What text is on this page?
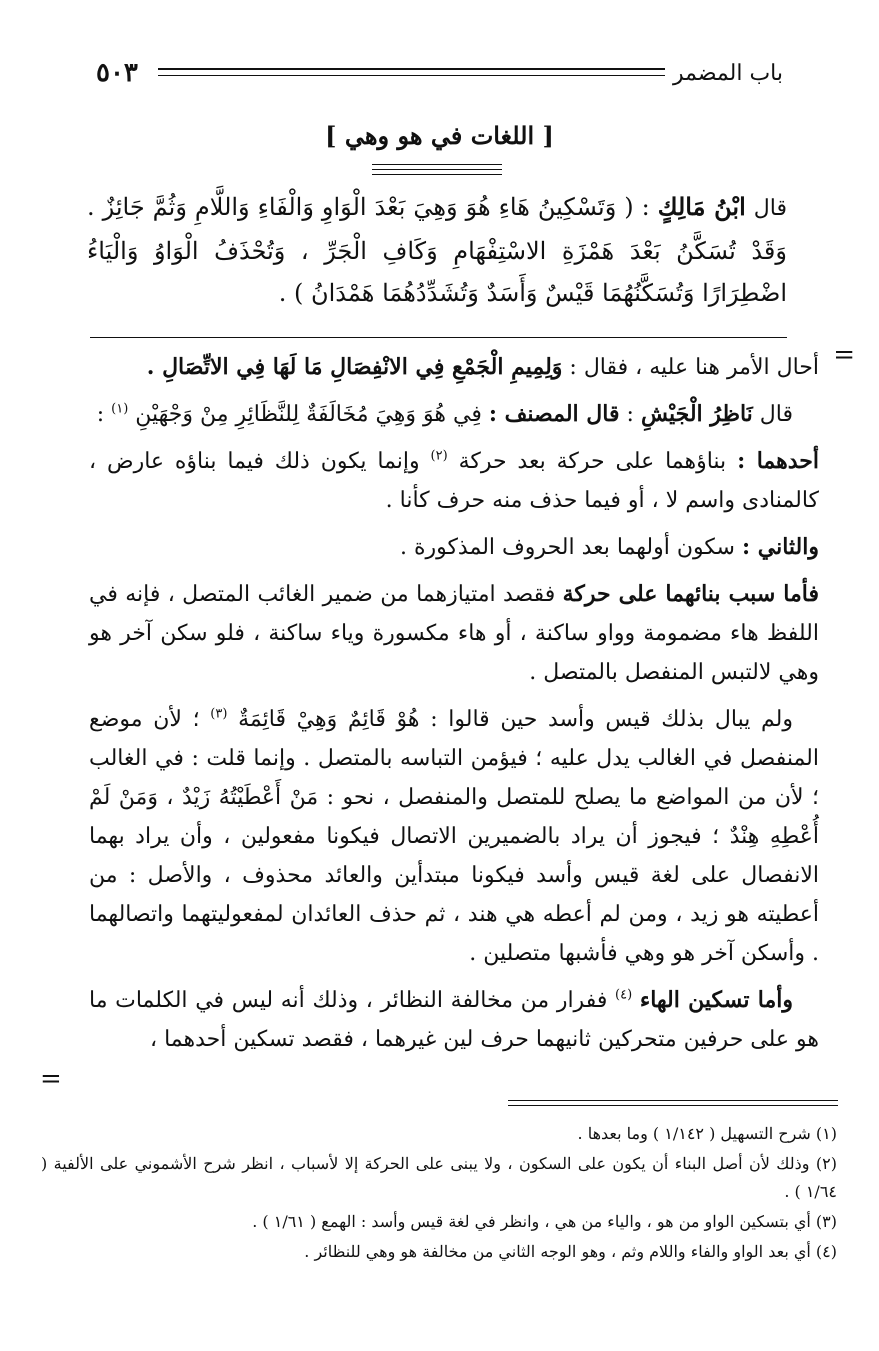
باب المضمر
٥٠٣
[ اللغات في هو وهي ]
قال ابْنُ مَالِكٍ : ( وَتَسْكِينُ هَاءِ هُوَ وَهِيَ بَعْدَ الْوَاوِ وَالْفَاءِ وَاللَّامِ وَثُمَّ جَائِزٌ . وَقَدْ تُسَكَّنُ بَعْدَ هَمْزَةِ الاسْتِفْهَامِ وَكَافِ الْجَرِّ ، وَتُحْذَفُ الْوَاوُ وَالْيَاءُ اضْطِرَارًا وَتُسَكَّنُهُمَا قَيْسٌ وَأَسَدٌ وَتُشَدِّدُهُمَا هَمْدَانُ ) .
=

أحال الأمر هنا عليه ، فقال : وَلِمِيمِ الْجَمْعِ فِي الانْفِصَالِ مَا لَهَا فِي الاتِّصَالِ .

قال نَاظِرُ الْجَيْشِ : قال المصنف : فِي هُوَ وَهِيَ مُخَالَفَةٌ لِلنَّظَائِرِ مِنْ وَجْهَيْنِ $^{(١)}$ :

أحدهما : بناؤهما على حركة بعد حركة $^{(٢)}$ وإنما يكون ذلك فيما بناؤه عارض ، كالمنادى واسم لا ، أو فيما حذف منه حرف كأنا .

والثاني : سكون أولهما بعد الحروف المذكورة .

فأما سبب بنائهما على حركة فقصد امتيازهما من ضمير الغائب المتصل ، فإنه في اللفظ هاء مضمومة وواو ساكنة ، أو هاء مكسورة وياء ساكنة ، فلو سكن آخر هو وهي لالتبس المنفصل بالمتصل .

ولم يبال بذلك قيس وأسد حين قالوا : هُوْ قَائِمٌ وَهِيْ قَائِمَةٌ $^{(٣)}$ ؛ لأن موضع المنفصل في الغالب يدل عليه ؛ فيؤمن التباسه بالمتصل . وإنما قلت : في الغالب ؛ لأن من المواضع ما يصلح للمتصل والمنفصل ، نحو : مَنْ أَعْطَيْتُهُ زَيْدٌ ، وَمَنْ لَمْ أُعْطِهِ هِنْدٌ ؛ فيجوز أن يراد بالضميرين الاتصال فيكونا مفعولين ، وأن يراد بهما الانفصال على لغة قيس وأسد فيكونا مبتدأين والعائد محذوف ، والأصل : من أعطيته هو زيد ، ومن لم أعطه هي هند ، ثم حذف العائدان لمفعوليتهما واتصالهما . وأسكن آخر هو وهي فأشبها متصلين .

وأما تسكين الهاء $^{(٤)}$ ففرار من مخالفة النظائر ، وذلك أنه ليس في الكلمات ما هو على حرفين متحركين ثانيهما حرف لين غيرهما ، فقصد تسكين أحدهما ،

=
(١) شرح التسهيل ( ١/١٤٢ ) وما بعدها .
(٢) وذلك لأن أصل البناء أن يكون على السكون ، ولا يبنى على الحركة إلا لأسباب ، انظر شرح الأشموني على الألفية ( ١/٦٤ ) .
(٣) أي بتسكين الواو من هو ، والياء من هي ، وانظر في لغة قيس وأسد : الهمع ( ١/٦١ ) .
(٤) أي بعد الواو والفاء واللام وثم ، وهو الوجه الثاني من مخالفة هو وهي للنظائر .
